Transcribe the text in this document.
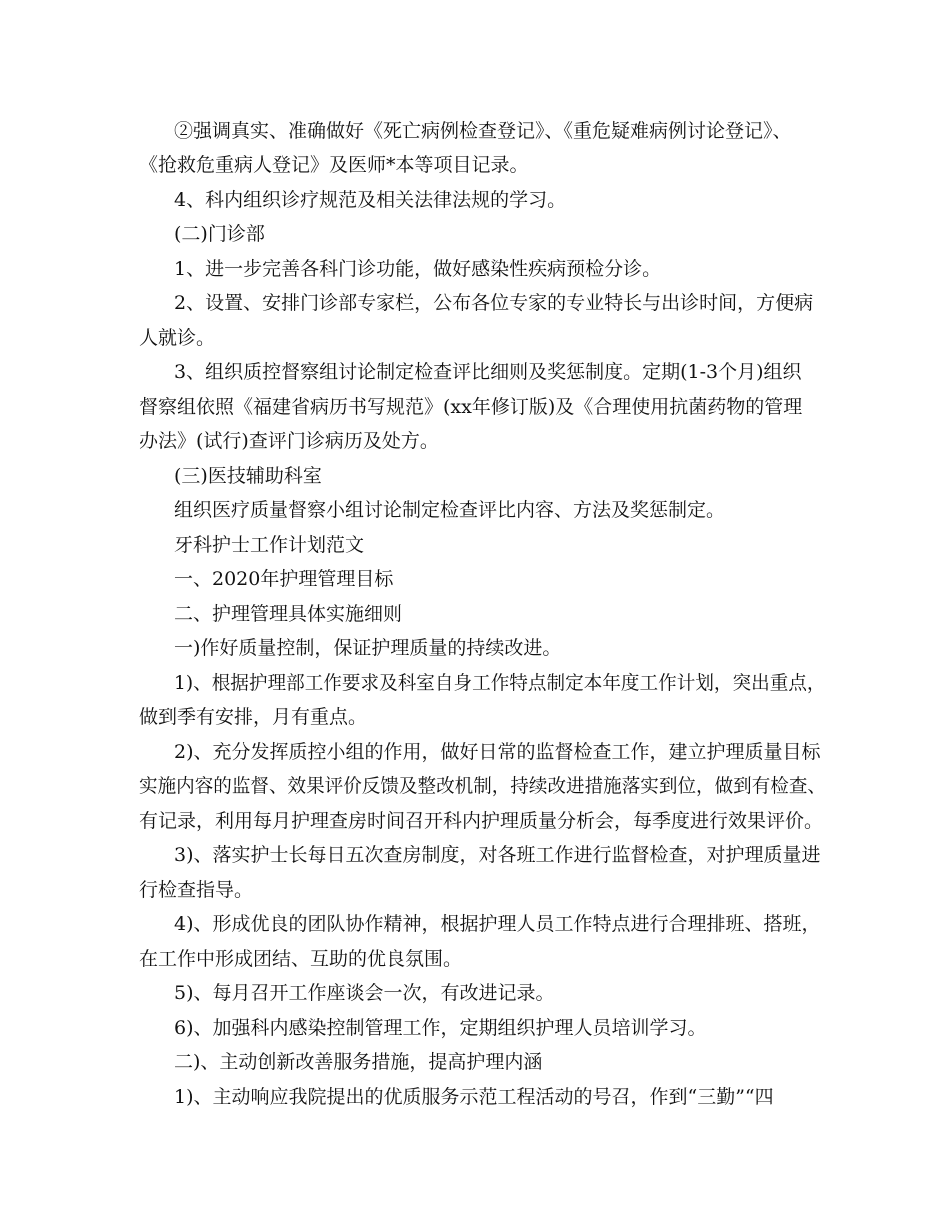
②强调真实、准确做好《死亡病例检查登记》、《重危疑难病例讨论登记》、

《抢救危重病人登记》及医师*本等项目记录。

4、科内组织诊疗规范及相关法律法规的学习。

(二)门诊部

1、进一步完善各科门诊功能，做好感染性疾病预检分诊。

2、设置、安排门诊部专家栏，公布各位专家的专业特长与出诊时间，方便病

人就诊。

3、组织质控督察组讨论制定检查评比细则及奖惩制度。定期(1-3个月)组织

督察组依照《福建省病历书写规范》(xx年修订版)及《合理使用抗菌药物的管理

办法》(试行)查评门诊病历及处方。

(三)医技辅助科室

组织医疗质量督察小组讨论制定检查评比内容、方法及奖惩制定。

牙科护士工作计划范文

一、2020年护理管理目标

二、护理管理具体实施细则

一)作好质量控制，保证护理质量的持续改进。

1)、根据护理部工作要求及科室自身工作特点制定本年度工作计划，突出重点，

做到季有安排，月有重点。

2)、充分发挥质控小组的作用，做好日常的监督检查工作，建立护理质量目标

实施内容的监督、效果评价反馈及整改机制，持续改进措施落实到位，做到有检查、

有记录，利用每月护理查房时间召开科内护理质量分析会，每季度进行效果评价。

3)、落实护士长每日五次查房制度，对各班工作进行监督检查，对护理质量进

行检查指导。

4)、形成优良的团队协作精神，根据护理人员工作特点进行合理排班、搭班，

在工作中形成团结、互助的优良氛围。

5)、每月召开工作座谈会一次，有改进记录。

6)、加强科内感染控制管理工作，定期组织护理人员培训学习。

二)、主动创新改善服务措施，提高护理内涵

1)、主动响应我院提出的优质服务示范工程活动的号召，作到“三勤”“四
